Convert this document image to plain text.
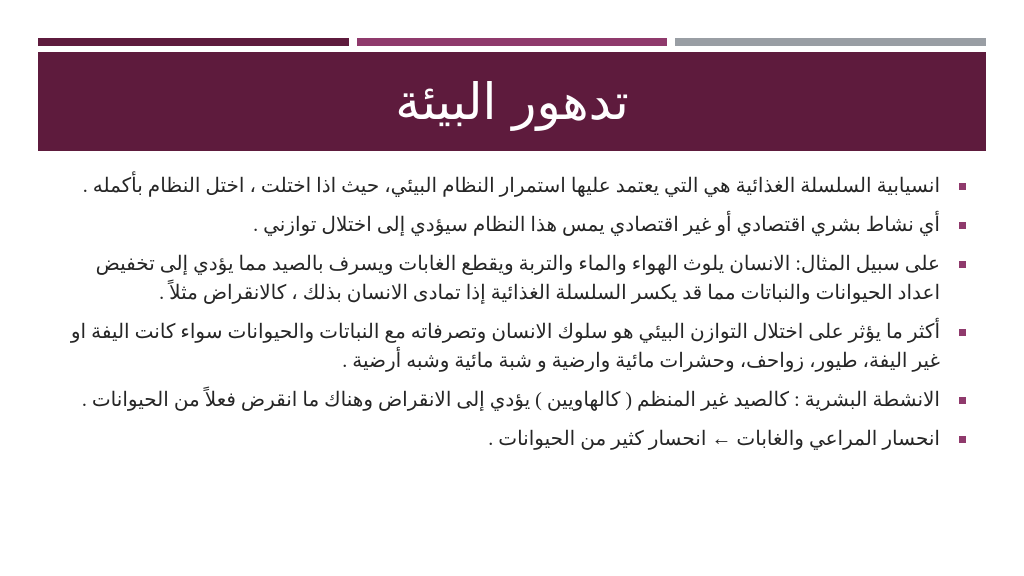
تدهور البيئة
انسيابية السلسلة الغذائية هي التي يعتمد عليها استمرار النظام البيئي، حيث اذا اختلت ، اختل النظام بأكمله .
أي نشاط بشري اقتصادي أو غير اقتصادي يمس هذا النظام سيؤدي إلى اختلال توازني .
على سبيل المثال: الانسان يلوث الهواء والماء والتربة ويقطع الغابات ويسرف بالصيد مما يؤدي إلى تخفيض اعداد الحيوانات والنباتات مما قد يكسر السلسلة الغذائية إذا تمادى الانسان بذلك ، كالانقراض مثلاً .
أكثر ما يؤثر على اختلال التوازن البيئي هو سلوك الانسان وتصرفاته مع النباتات والحيوانات سواء كانت اليفة او غير اليفة، طيور، زواحف، وحشرات مائية وارضية و شبة مائية وشبه أرضية .
الانشطة البشرية : كالصيد غير المنظم ( كالهاويين ) يؤدي إلى الانقراض وهناك ما انقرض فعلاً من الحيوانات .
انحسار المراعي والغابات ← انحسار كثير من الحيوانات .
